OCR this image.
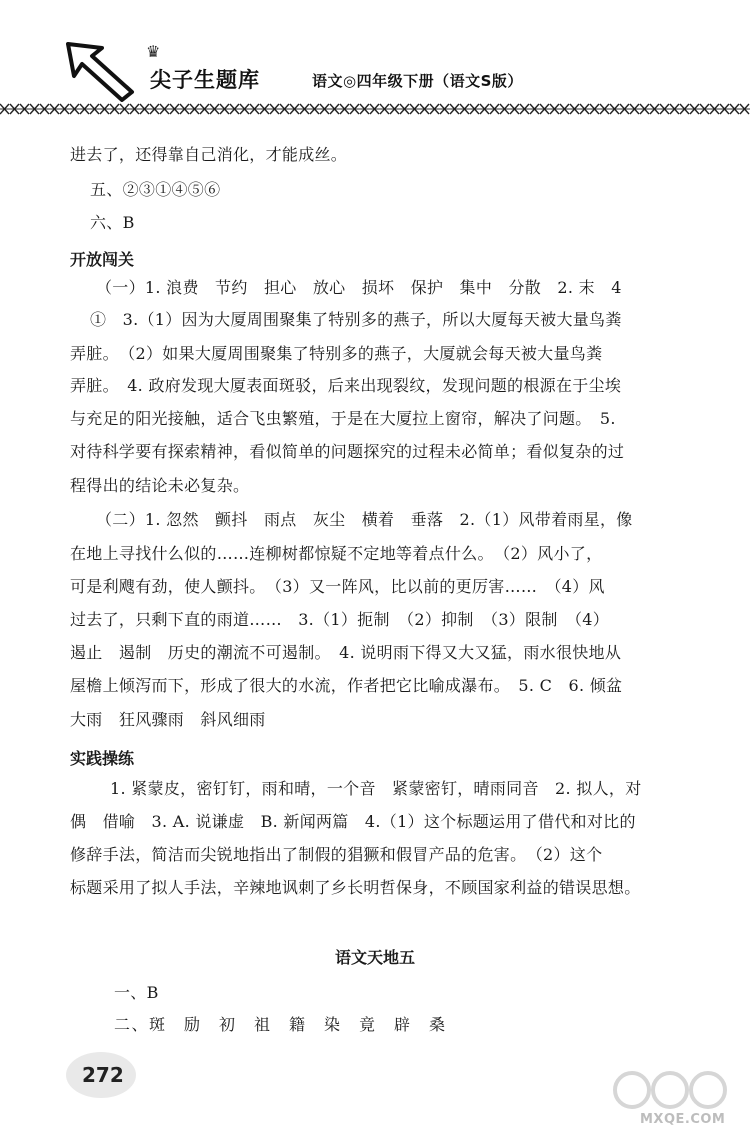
♛
尖子生题库	语文◎四年级下册（语文S版）
进去了，还得靠自己消化，才能成丝。
五、②③①④⑤⑥
六、B
开放闯关
（一）1. 浪费　节约　担心　放心　损坏　保护　集中　分散　2. 末　4
①　3.（1）因为大厦周围聚集了特别多的燕子，所以大厦每天被大量鸟粪
弄脏。　（2）如果大厦周围聚集了特别多的燕子，大厦就会每天被大量鸟粪
弄脏。　4. 政府发现大厦表面斑驳，后来出现裂纹，发现问题的根源在于尘埃
与充足的阳光接触，适合飞虫繁殖，于是在大厦拉上窗帘，解决了问题。　5.
对待科学要有探索精神，看似简单的问题探究的过程未必简单；看似复杂的过
程得出的结论未必复杂。
（二）1. 忽然　颤抖　雨点　灰尘　横着　垂落　2.（1）风带着雨星，像
在地上寻找什么似的……连柳树都惊疑不定地等着点什么。　（2）风小了，
可是利飕有劲，使人颤抖。　（3）又一阵风，比以前的更厉害……　（4）风
过去了，只剩下直的雨道……　3.（1）扼制　（2）抑制　（3）限制　（4）
遏止　遏制　历史的潮流不可遏制。　4. 说明雨下得又大又猛，雨水很快地从
屋檐上倾泻而下，形成了很大的水流，作者把它比喻成瀑布。　5. C　6. 倾盆
大雨　狂风骤雨　斜风细雨
实践操练
1. 紧蒙皮，密钉钉，雨和晴，一个音　紧蒙密钉，晴雨同音　2. 拟人，对
偶　借喻　3. A. 说谦虚　B. 新闻两篇　4.（1）这个标题运用了借代和对比的
修辞手法，简洁而尖锐地指出了制假的猖獗和假冒产品的危害。　（2）这个
标题采用了拟人手法，辛辣地讽刺了乡长明哲保身，不顾国家利益的错误思想。
语文天地五
一、B
二、斑　励　初　祖　籍　染　竟　辟　桑
272
MXQE.COM
